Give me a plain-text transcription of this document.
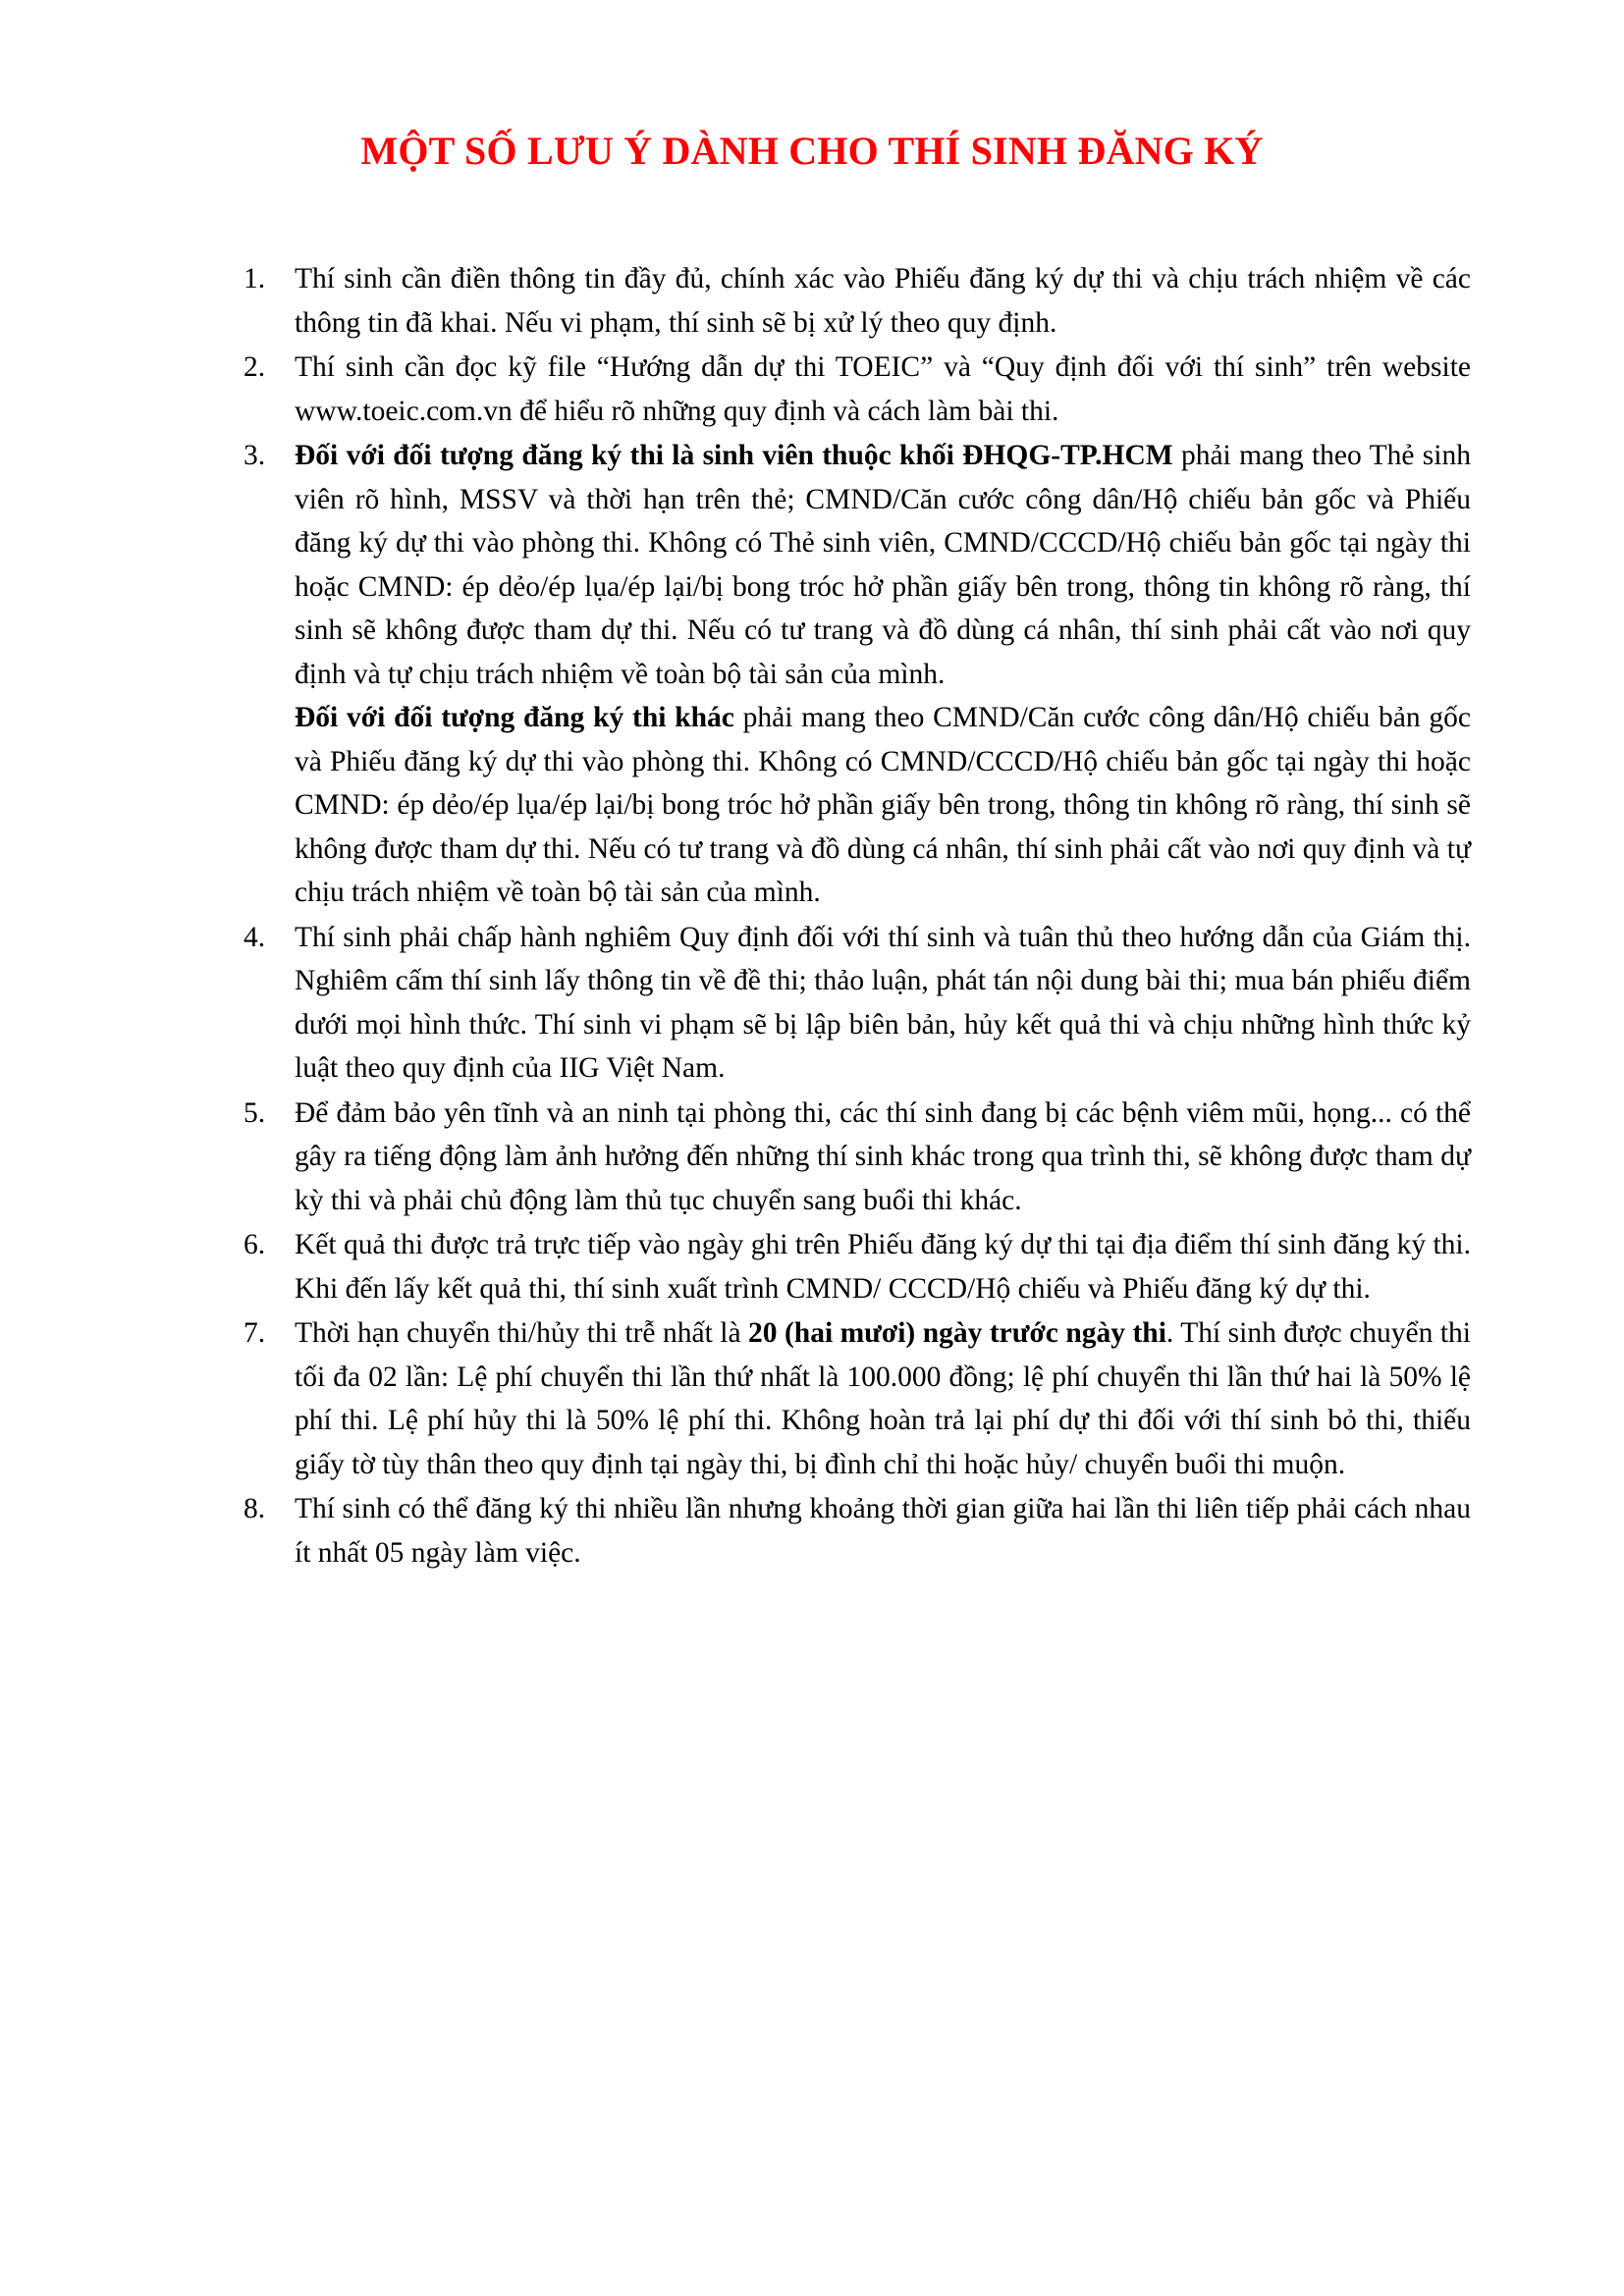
MỘT SỐ LƯU Ý DÀNH CHO THÍ SINH ĐĂNG KÝ
1.	Thí sinh cần điền thông tin đầy đủ, chính xác vào Phiếu đăng ký dự thi và chịu trách nhiệm về các thông tin đã khai. Nếu vi phạm, thí sinh sẽ bị xử lý theo quy định.
2.	Thí sinh cần đọc kỹ file “Hướng dẫn dự thi TOEIC” và “Quy định đối với thí sinh” trên website www.toeic.com.vn để hiểu rõ những quy định và cách làm bài thi.
3.	Đối với đối tượng đăng ký thi là sinh viên thuộc khối ĐHQG-TP.HCM phải mang theo Thẻ sinh viên rõ hình, MSSV và thời hạn trên thẻ; CMND/Căn cước công dân/Hộ chiếu bản gốc và Phiếu đăng ký dự thi vào phòng thi. Không có Thẻ sinh viên, CMND/CCCD/Hộ chiếu bản gốc tại ngày thi hoặc CMND: ép dẻo/ép lụa/ép lại/bị bong tróc hở phần giấy bên trong, thông tin không rõ ràng, thí sinh sẽ không được tham dự thi. Nếu có tư trang và đồ dùng cá nhân, thí sinh phải cất vào nơi quy định và tự chịu trách nhiệm về toàn bộ tài sản của mình.
Đối với đối tượng đăng ký thi khác phải mang theo CMND/Căn cước công dân/Hộ chiếu bản gốc và Phiếu đăng ký dự thi vào phòng thi. Không có CMND/CCCD/Hộ chiếu bản gốc tại ngày thi hoặc CMND: ép dẻo/ép lụa/ép lại/bị bong tróc hở phần giấy bên trong, thông tin không rõ ràng, thí sinh sẽ không được tham dự thi. Nếu có tư trang và đồ dùng cá nhân, thí sinh phải cất vào nơi quy định và tự chịu trách nhiệm về toàn bộ tài sản của mình.
4.	Thí sinh phải chấp hành nghiêm Quy định đối với thí sinh và tuân thủ theo hướng dẫn của Giám thị. Nghiêm cấm thí sinh lấy thông tin về đề thi; thảo luận, phát tán nội dung bài thi; mua bán phiếu điểm dưới mọi hình thức. Thí sinh vi phạm sẽ bị lập biên bản, hủy kết quả thi và chịu những hình thức kỷ luật theo quy định của IIG Việt Nam.
5.	Để đảm bảo yên tĩnh và an ninh tại phòng thi, các thí sinh đang bị các bệnh viêm mũi, họng... có thể gây ra tiếng động làm ảnh hưởng đến những thí sinh khác trong qua trình thi, sẽ không được tham dự kỳ thi và phải chủ động làm thủ tục chuyển sang buổi thi khác.
6.	Kết quả thi được trả trực tiếp vào ngày ghi trên Phiếu đăng ký dự thi tại địa điểm thí sinh đăng ký thi. Khi đến lấy kết quả thi, thí sinh xuất trình CMND/ CCCD/Hộ chiếu và Phiếu đăng ký dự thi.
7.	Thời hạn chuyển thi/hủy thi trễ nhất là 20 (hai mươi) ngày trước ngày thi. Thí sinh được chuyển thi tối đa 02 lần: Lệ phí chuyển thi lần thứ nhất là 100.000 đồng; lệ phí chuyển thi lần thứ hai là 50% lệ phí thi. Lệ phí hủy thi là 50% lệ phí thi. Không hoàn trả lại phí dự thi đối với thí sinh bỏ thi, thiếu giấy tờ tùy thân theo quy định tại ngày thi, bị đình chỉ thi hoặc hủy/ chuyển buổi thi muộn.
8.	Thí sinh có thể đăng ký thi nhiều lần nhưng khoảng thời gian giữa hai lần thi liên tiếp phải cách nhau ít nhất 05 ngày làm việc.
